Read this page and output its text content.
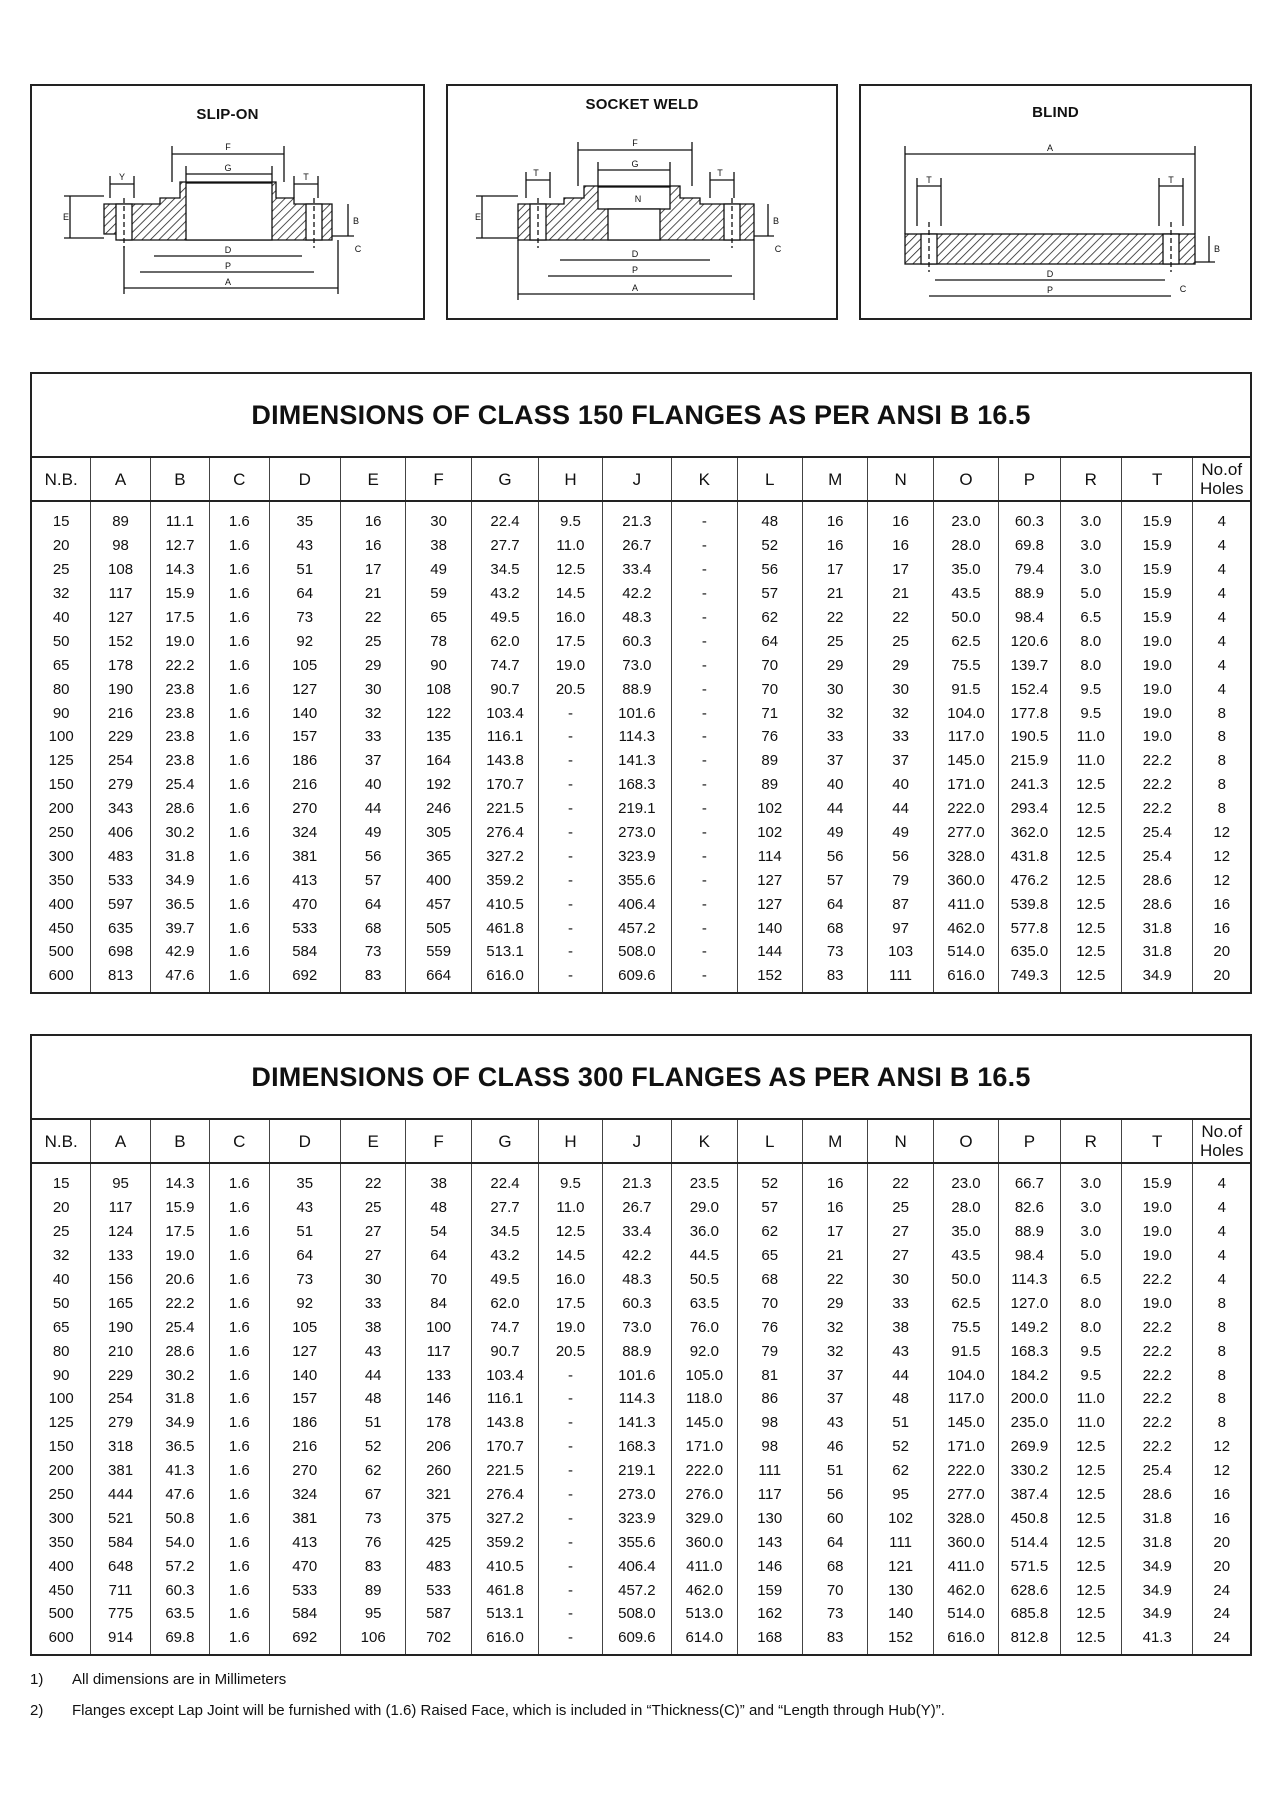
SLIP-ON
F
G
D
P
A
E	B
C
Y	T
SOCKET WELD
F
G
D
P
A
E	B
C
T	T
N
BLIND
A
T	T
D
P
B
C
DIMENSIONS OF CLASS 150 FLANGES AS PER ANSI B 16.5
N.B.	A	B	C	D	E	F	G	H	J	K	L	M	N	O	P	R	T	No.of Holes
15	89	11.1	1.6	35	16	30	22.4	9.5	21.3	-	48	16	16	23.0	60.3	3.0	15.9	4
20	98	12.7	1.6	43	16	38	27.7	11.0	26.7	-	52	16	16	28.0	69.8	3.0	15.9	4
25	108	14.3	1.6	51	17	49	34.5	12.5	33.4	-	56	17	17	35.0	79.4	3.0	15.9	4
32	117	15.9	1.6	64	21	59	43.2	14.5	42.2	-	57	21	21	43.5	88.9	5.0	15.9	4
40	127	17.5	1.6	73	22	65	49.5	16.0	48.3	-	62	22	22	50.0	98.4	6.5	15.9	4
50	152	19.0	1.6	92	25	78	62.0	17.5	60.3	-	64	25	25	62.5	120.6	8.0	19.0	4
65	178	22.2	1.6	105	29	90	74.7	19.0	73.0	-	70	29	29	75.5	139.7	8.0	19.0	4
80	190	23.8	1.6	127	30	108	90.7	20.5	88.9	-	70	30	30	91.5	152.4	9.5	19.0	4
90	216	23.8	1.6	140	32	122	103.4	-	101.6	-	71	32	32	104.0	177.8	9.5	19.0	8
100	229	23.8	1.6	157	33	135	116.1	-	114.3	-	76	33	33	117.0	190.5	11.0	19.0	8
125	254	23.8	1.6	186	37	164	143.8	-	141.3	-	89	37	37	145.0	215.9	11.0	22.2	8
150	279	25.4	1.6	216	40	192	170.7	-	168.3	-	89	40	40	171.0	241.3	12.5	22.2	8
200	343	28.6	1.6	270	44	246	221.5	-	219.1	-	102	44	44	222.0	293.4	12.5	22.2	8
250	406	30.2	1.6	324	49	305	276.4	-	273.0	-	102	49	49	277.0	362.0	12.5	25.4	12
300	483	31.8	1.6	381	56	365	327.2	-	323.9	-	114	56	56	328.0	431.8	12.5	25.4	12
350	533	34.9	1.6	413	57	400	359.2	-	355.6	-	127	57	79	360.0	476.2	12.5	28.6	12
400	597	36.5	1.6	470	64	457	410.5	-	406.4	-	127	64	87	411.0	539.8	12.5	28.6	16
450	635	39.7	1.6	533	68	505	461.8	-	457.2	-	140	68	97	462.0	577.8	12.5	31.8	16
500	698	42.9	1.6	584	73	559	513.1	-	508.0	-	144	73	103	514.0	635.0	12.5	31.8	20
600	813	47.6	1.6	692	83	664	616.0	-	609.6	-	152	83	111	616.0	749.3	12.5	34.9	20
DIMENSIONS OF CLASS 300 FLANGES AS PER ANSI B 16.5
N.B.	A	B	C	D	E	F	G	H	J	K	L	M	N	O	P	R	T	No.of Holes
15	95	14.3	1.6	35	22	38	22.4	9.5	21.3	23.5	52	16	22	23.0	66.7	3.0	15.9	4
20	117	15.9	1.6	43	25	48	27.7	11.0	26.7	29.0	57	16	25	28.0	82.6	3.0	19.0	4
25	124	17.5	1.6	51	27	54	34.5	12.5	33.4	36.0	62	17	27	35.0	88.9	3.0	19.0	4
32	133	19.0	1.6	64	27	64	43.2	14.5	42.2	44.5	65	21	27	43.5	98.4	5.0	19.0	4
40	156	20.6	1.6	73	30	70	49.5	16.0	48.3	50.5	68	22	30	50.0	114.3	6.5	22.2	4
50	165	22.2	1.6	92	33	84	62.0	17.5	60.3	63.5	70	29	33	62.5	127.0	8.0	19.0	8
65	190	25.4	1.6	105	38	100	74.7	19.0	73.0	76.0	76	32	38	75.5	149.2	8.0	22.2	8
80	210	28.6	1.6	127	43	117	90.7	20.5	88.9	92.0	79	32	43	91.5	168.3	9.5	22.2	8
90	229	30.2	1.6	140	44	133	103.4	-	101.6	105.0	81	37	44	104.0	184.2	9.5	22.2	8
100	254	31.8	1.6	157	48	146	116.1	-	114.3	118.0	86	37	48	117.0	200.0	11.0	22.2	8
125	279	34.9	1.6	186	51	178	143.8	-	141.3	145.0	98	43	51	145.0	235.0	11.0	22.2	8
150	318	36.5	1.6	216	52	206	170.7	-	168.3	171.0	98	46	52	171.0	269.9	12.5	22.2	12
200	381	41.3	1.6	270	62	260	221.5	-	219.1	222.0	111	51	62	222.0	330.2	12.5	25.4	12
250	444	47.6	1.6	324	67	321	276.4	-	273.0	276.0	117	56	95	277.0	387.4	12.5	28.6	16
300	521	50.8	1.6	381	73	375	327.2	-	323.9	329.0	130	60	102	328.0	450.8	12.5	31.8	16
350	584	54.0	1.6	413	76	425	359.2	-	355.6	360.0	143	64	111	360.0	514.4	12.5	31.8	20
400	648	57.2	1.6	470	83	483	410.5	-	406.4	411.0	146	68	121	411.0	571.5	12.5	34.9	20
450	711	60.3	1.6	533	89	533	461.8	-	457.2	462.0	159	70	130	462.0	628.6	12.5	34.9	24
500	775	63.5	1.6	584	95	587	513.1	-	508.0	513.0	162	73	140	514.0	685.8	12.5	34.9	24
600	914	69.8	1.6	692	106	702	616.0	-	609.6	614.0	168	83	152	616.0	812.8	12.5	41.3	24
1)	All dimensions are in Millimeters
2)	Flanges except Lap Joint will be furnished with (1.6) Raised Face, which is included in “Thickness(C)” and “Length through Hub(Y)”.
